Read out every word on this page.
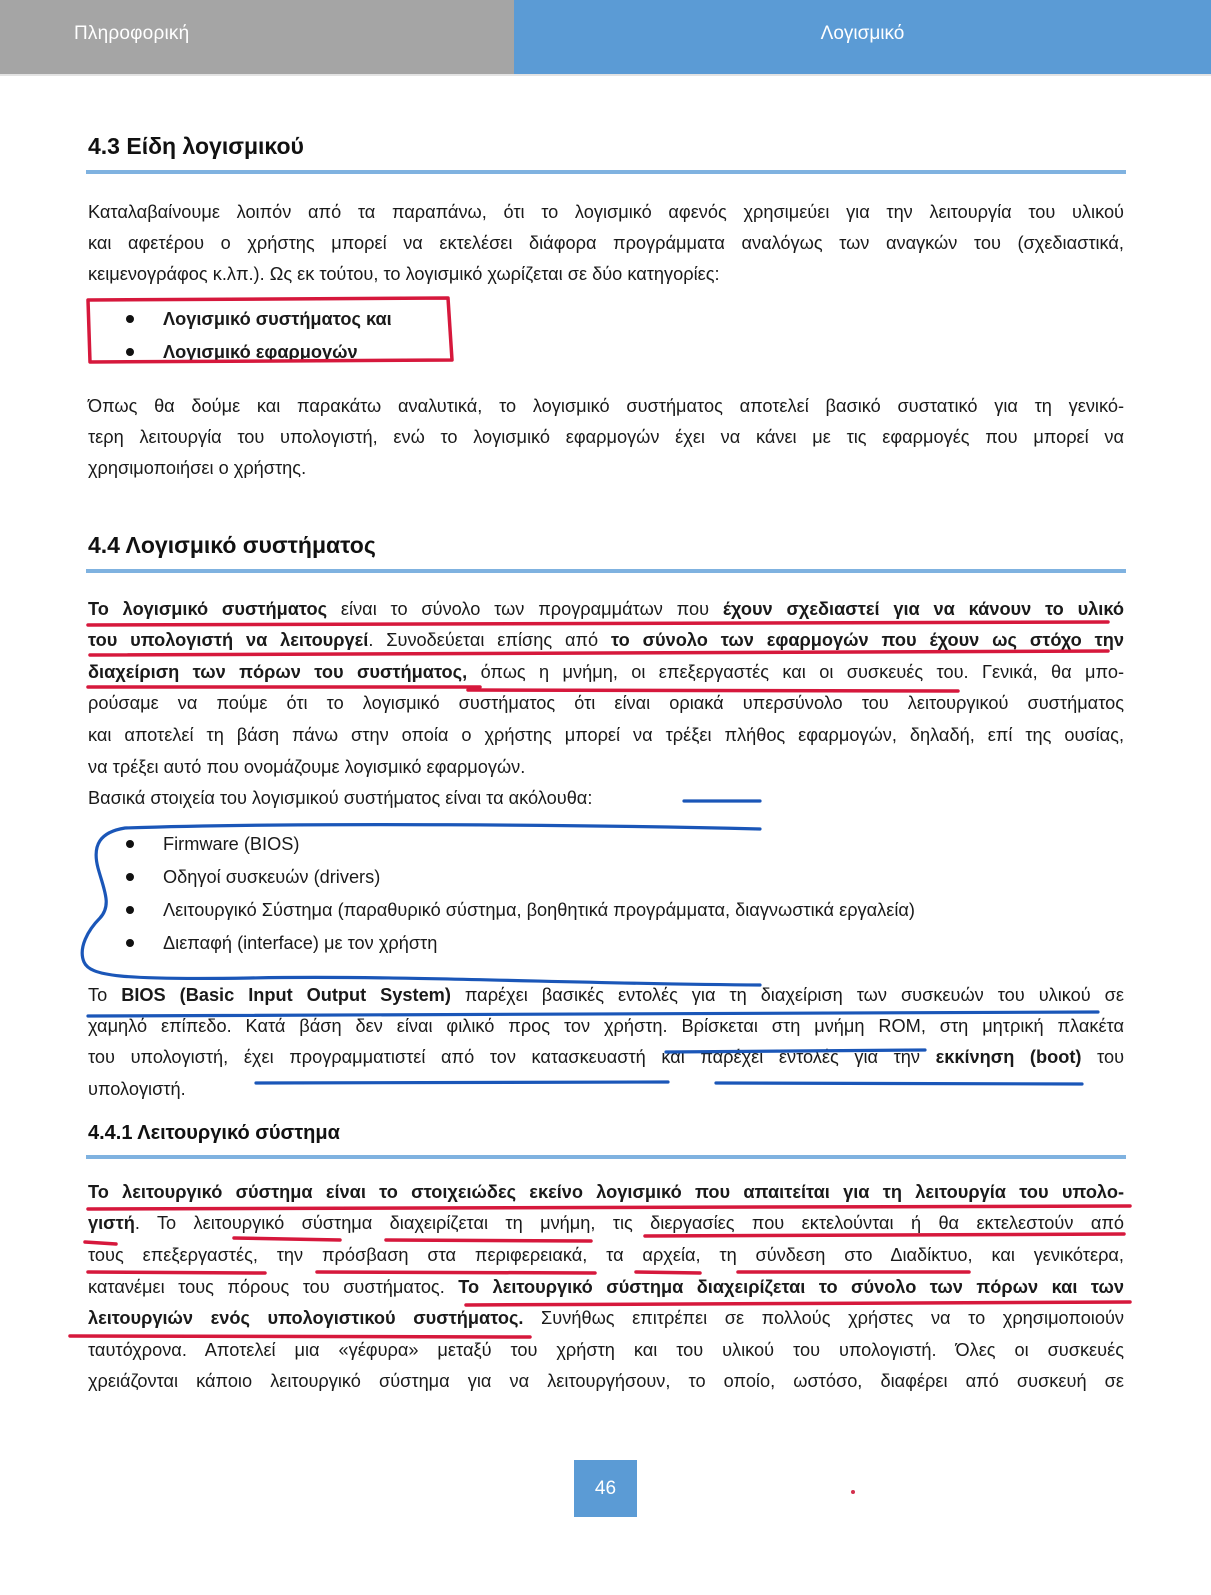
Πληροφορική	Λογισμικό
4.3 Είδη λογισμικού
Καταλαβαίνουμε λοιπόν από τα παραπάνω, ότι το λογισμικό αφενός χρησιμεύει για την λειτουργία του υλικού
και αφετέρου ο χρήστης μπορεί να εκτελέσει διάφορα προγράμματα αναλόγως των αναγκών του (σχεδιαστικά,
κειμενογράφος κ.λπ.). Ως εκ τούτου, το λογισμικό χωρίζεται σε δύο κατηγορίες:
Λογισμικό συστήματος και
Λογισμικό εφαρμογών
Όπως θα δούμε και παρακάτω αναλυτικά, το λογισμικό συστήματος αποτελεί βασικό συστατικό για τη γενικό-
τερη λειτουργία του υπολογιστή, ενώ το λογισμικό εφαρμογών έχει να κάνει με τις εφαρμογές που μπορεί να
χρησιμοποιήσει ο χρήστης.
4.4 Λογισμικό συστήματος
Το λογισμικό συστήματος είναι το σύνολο των προγραμμάτων που έχουν σχεδιαστεί για να κάνουν το υλικό
του υπολογιστή να λειτουργεί. Συνοδεύεται επίσης από το σύνολο των εφαρμογών που έχουν ως στόχο την
διαχείριση των πόρων του συστήματος, όπως η μνήμη, οι επεξεργαστές και οι συσκευές του. Γενικά, θα μπο-
ρούσαμε να πούμε ότι το λογισμικό συστήματος ότι είναι οριακά υπερσύνολο του λειτουργικού συστήματος
και αποτελεί τη βάση πάνω στην οποία ο χρήστης μπορεί να τρέξει πλήθος εφαρμογών, δηλαδή, επί της ουσίας,
να τρέξει αυτό που ονομάζουμε λογισμικό εφαρμογών.
Βασικά στοιχεία του λογισμικού συστήματος είναι τα ακόλουθα:
Firmware (BIOS)
Οδηγοί συσκευών (drivers)
Λειτουργικό Σύστημα (παραθυρικό σύστημα, βοηθητικά προγράμματα, διαγνωστικά εργαλεία)
Διεπαφή (interface) με τον χρήστη
Το BIOS (Basic Input Output System) παρέχει βασικές εντολές για τη διαχείριση των συσκευών του υλικού σε
χαμηλό επίπεδο. Κατά βάση δεν είναι φιλικό προς τον χρήστη. Βρίσκεται στη μνήμη ROM, στη μητρική πλακέτα
του υπολογιστή, έχει προγραμματιστεί από τον κατασκευαστή και παρέχει εντολές για την εκκίνηση (boot) του
υπολογιστή.
4.4.1 Λειτουργικό σύστημα
Το λειτουργικό σύστημα είναι το στοιχειώδες εκείνο λογισμικό που απαιτείται για τη λειτουργία του υπολο-
γιστή. Το λειτουργικό σύστημα διαχειρίζεται τη μνήμη, τις διεργασίες που εκτελούνται ή θα εκτελεστούν από
τους επεξεργαστές, την πρόσβαση στα περιφερειακά, τα αρχεία, τη σύνδεση στο Διαδίκτυο, και γενικότερα,
κατανέμει τους πόρους του συστήματος. Το λειτουργικό σύστημα διαχειρίζεται το σύνολο των πόρων και των
λειτουργιών ενός υπολογιστικού συστήματος. Συνήθως επιτρέπει σε πολλούς χρήστες να το χρησιμοποιούν
ταυτόχρονα. Αποτελεί μια «γέφυρα» μεταξύ του χρήστη και του υλικού του υπολογιστή. Όλες οι συσκευές
χρειάζονται κάποιο λειτουργικό σύστημα για να λειτουργήσουν, το οποίο, ωστόσο, διαφέρει από συσκευή σε
46
